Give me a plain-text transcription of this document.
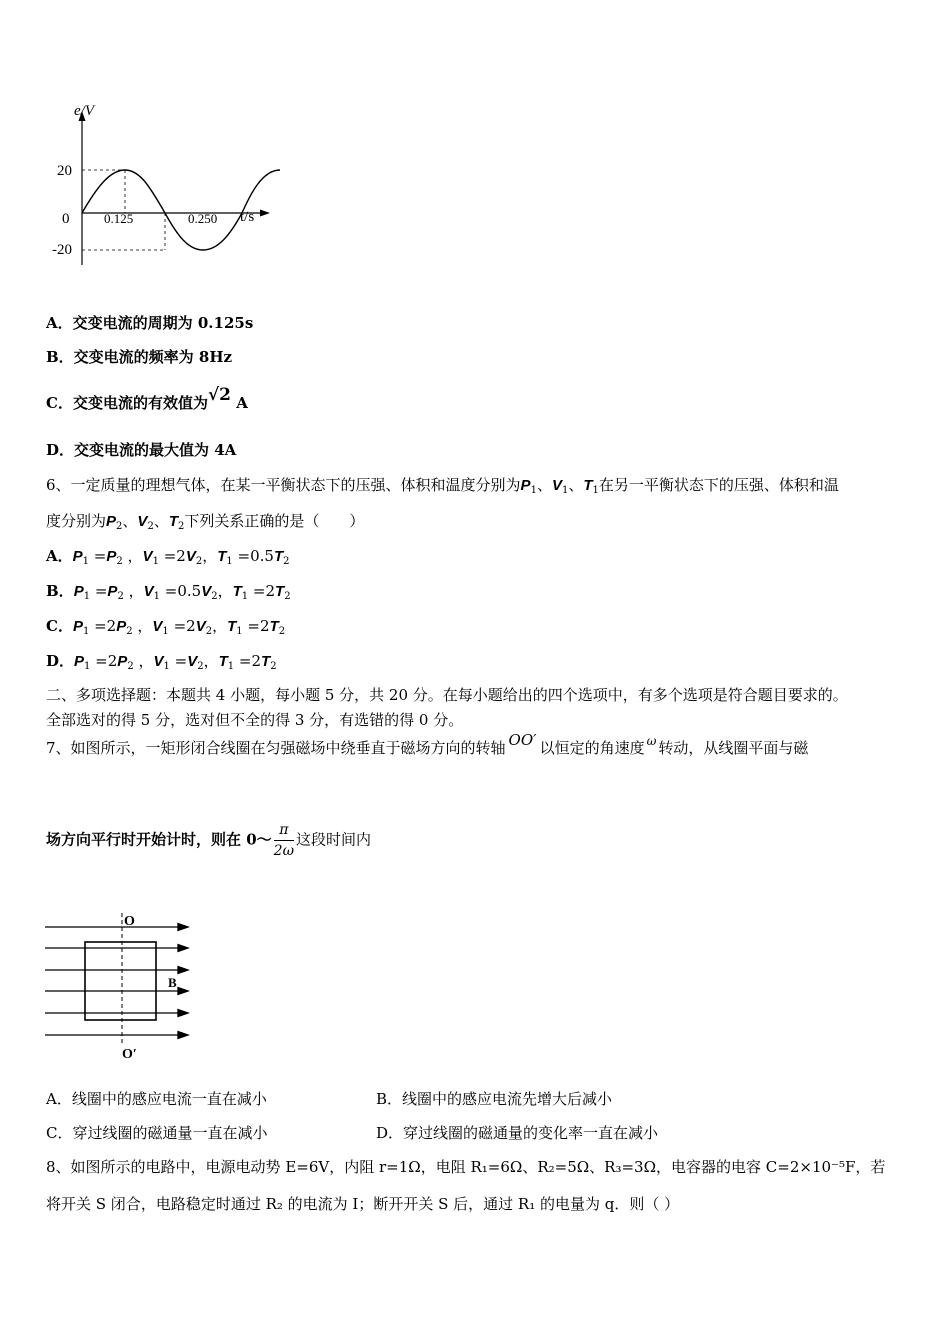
e/V
20
0
-20
0.125	0.250 t/s
A．交变电流的周期为 0.125s
B．交变电流的频率为 8Hz
C．交变电流的有效值为√2 A
D．交变电流的最大值为 4A
6、一定质量的理想气体，在某一平衡状态下的压强、体积和温度分别为$P_1$、$V_1$、$T_1$在另一平衡状态下的压强、体积和温
度分别为$P_2$、$V_2$、$T_2$下列关系正确的是（　　）
A．$P_1 =P_2$ ，$V_1 =2V_2$，$T_1 =0.5T_2$
B．$P_1 =P_2$ ，$V_1 =0.5V_2$，$T_1 =2T_2$
C．$P_1 =2P_2$ ，$V_1 =2V_2$，$T_1 =2T_2$
D．$P_1 =2P_2$ ，$V_1 =V_2$，$T_1 =2T_2$
二、多项选择题：本题共 4 小题，每小题 5 分，共 20 分。在每小题给出的四个选项中，有多个选项是符合题目要求的。
全部选对的得 5 分，选对但不全的得 3 分，有选错的得 0 分。
7、如图所示，一矩形闭合线圈在匀强磁场中绕垂直于磁场方向的转轴 OO′ 以恒定的角速度 $^\omega$ 转动，从线圈平面与磁
场方向平行时开始计时，则在 0～ $\frac{\pi}{2\omega}$ 这段时间内
O
O′
B
A．线圈中的感应电流一直在减小	B．线圈中的感应电流先增大后减小
C．穿过线圈的磁通量一直在减小	D．穿过线圈的磁通量的变化率一直在减小
8、如图所示的电路中，电源电动势 E=6V，内阻 r=1Ω，电阻 R₁=6Ω、R₂=5Ω、R₃=3Ω，电容器的电容 C=2×10⁻⁵F，若
将开关 S 闭合，电路稳定时通过 R₂ 的电流为 I；断开开关 S 后，通过 R₁ 的电量为 q．则（ ）
